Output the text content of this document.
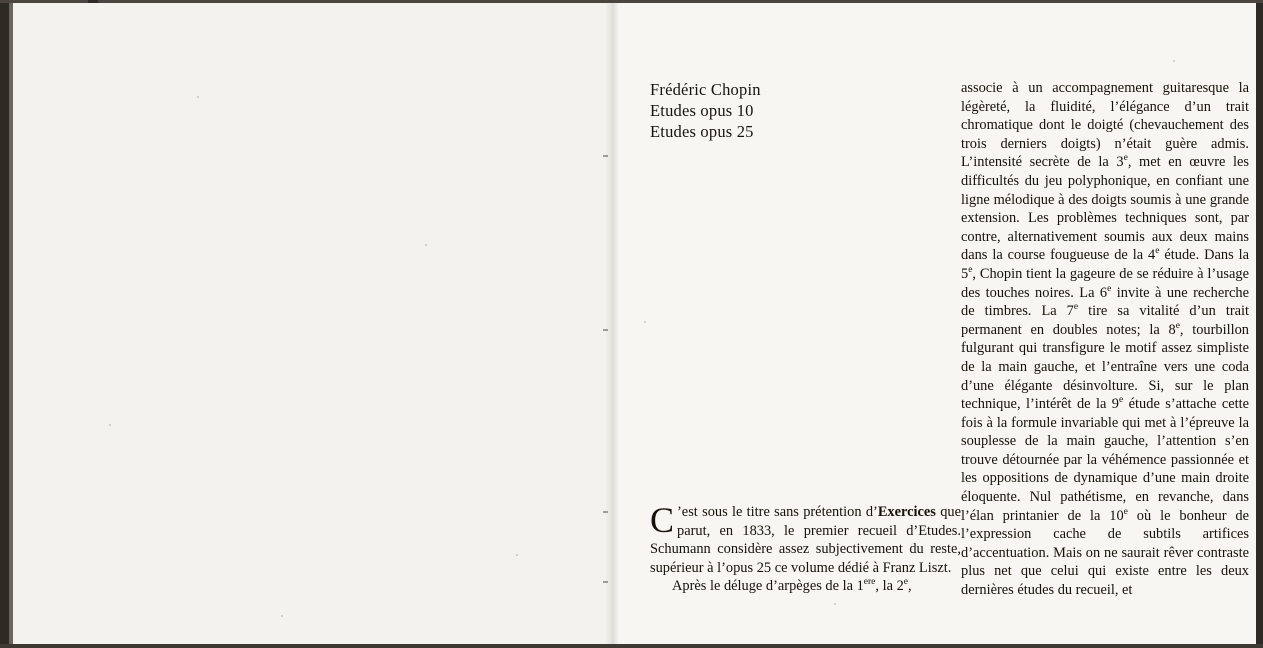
Frédéric Chopin
Etudes opus 10
Etudes opus 25

C ’est sous le titre sans prétention d’Exercices que parut, en 1833, le premier recueil d’Etudes. Schumann considère assez subjectivement du reste, supérieur à l’opus 25 ce volume dédié à Franz Liszt.

Après le déluge d’arpèges de la 1ere, la 2e,

associe à un accompagnement guitaresque la légèreté, la fluidité, l’élégance d’un trait chromatique dont le doigté (chevauchement des trois derniers doigts) n’était guère admis. L’intensité secrète de la 3e, met en œuvre les difficultés du jeu polyphonique, en confiant une ligne mélodique à des doigts soumis à une grande extension. Les problèmes techniques sont, par contre, alternativement soumis aux deux mains dans la course fougueuse de la 4e étude. Dans la 5e, Chopin tient la gageure de se réduire à l’usage des touches noires. La 6e invite à une recherche de timbres. La 7e tire sa vitalité d’un trait permanent en doubles notes; la 8e, tourbillon fulgurant qui transfigure le motif assez simpliste de la main gauche, et l’entraîne vers une coda d’une élégante désinvolture. Si, sur le plan technique, l’intérêt de la 9e étude s’attache cette fois à la formule invariable qui met à l’épreuve la souplesse de la main gauche, l’attention s’en trouve détournée par la véhémence passionnée et les oppositions de dynamique d’une main droite éloquente. Nul pathétisme, en revanche, dans l’élan printanier de la 10e où le bonheur de l’expression cache de subtils artifices d’accentuation. Mais on ne saurait rêver contraste plus net que celui qui existe entre les deux dernières études du recueil, et
